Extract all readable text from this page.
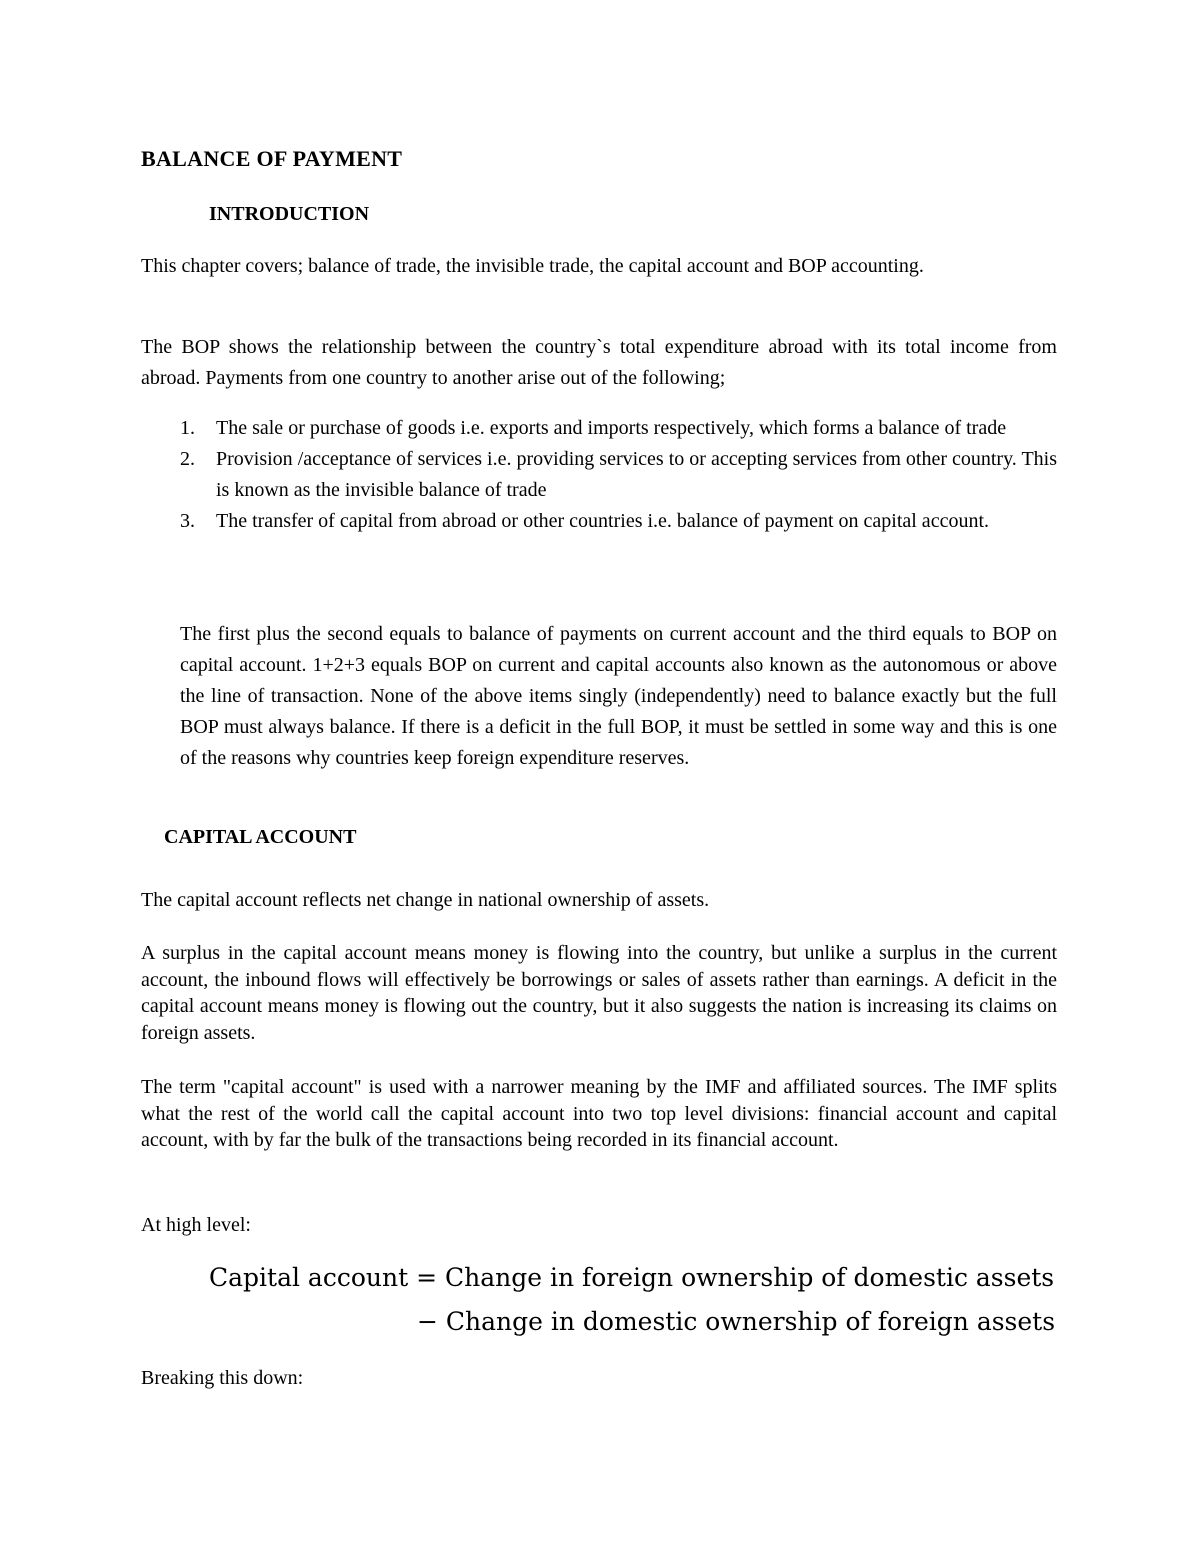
BALANCE OF PAYMENT
INTRODUCTION

This chapter covers; balance of trade, the invisible trade, the capital account and BOP accounting.

The BOP shows the relationship between the country`s total expenditure abroad with its total income from abroad. Payments from one country to another arise out of the following;

1. The sale or purchase of goods i.e. exports and imports respectively, which forms a balance of trade
2. Provision /acceptance of services i.e. providing services to or accepting services from other country. This is known as the invisible balance of trade
3. The transfer of capital from abroad or other countries i.e. balance of payment on capital account.

The first plus the second equals to balance of payments on current account and the third equals to BOP on capital account. 1+2+3 equals BOP on current and capital accounts also known as the autonomous or above the line of transaction. None of the above items singly (independently) need to balance exactly but the full BOP must always balance. If there is a deficit in the full BOP, it must be settled in some way and this is one of the reasons why countries keep foreign expenditure reserves.

CAPITAL ACCOUNT

The capital account reflects net change in national ownership of assets.

A surplus in the capital account means money is flowing into the country, but unlike a surplus in the current account, the inbound flows will effectively be borrowings or sales of assets rather than earnings. A deficit in the capital account means money is flowing out the country, but it also suggests the nation is increasing its claims on foreign assets.

The term "capital account" is used with a narrower meaning by the IMF and affiliated sources. The IMF splits what the rest of the world call the capital account into two top level divisions: financial account and capital account, with by far the bulk of the transactions being recorded in its financial account.

At high level:

Capital account = Change in foreign ownership of domestic assets
− Change in domestic ownership of foreign assets

Breaking this down:
